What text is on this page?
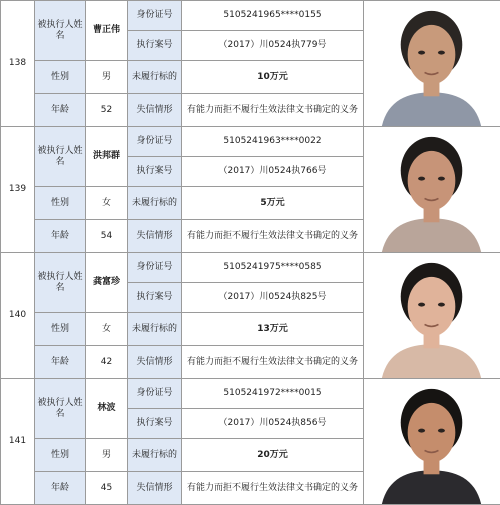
138	被执行人姓名	曹正伟	身份证号	5105241965****0155	

			执行案号	（2017）川0524执779号	
	性别	男	未履行标的	10万元	
	年龄	52	失信情形	有能力而拒不履行生效法律文书确定的义务	
139	被执行人姓名	洪邦群	身份证号	5105241963****0022	

			执行案号	（2017）川0524执766号	
	性别	女	未履行标的	5万元	
	年龄	54	失信情形	有能力而拒不履行生效法律文书确定的义务	
140	被执行人姓名	龚富珍	身份证号	5105241975****0585	

			执行案号	（2017）川0524执825号	
	性别	女	未履行标的	13万元	
	年龄	42	失信情形	有能力而拒不履行生效法律文书确定的义务	
141	被执行人姓名	林波	身份证号	5105241972****0015	

			执行案号	（2017）川0524执856号	
	性别	男	未履行标的	20万元	
	年龄	45	失信情形	有能力而拒不履行生效法律文书确定的义务	
